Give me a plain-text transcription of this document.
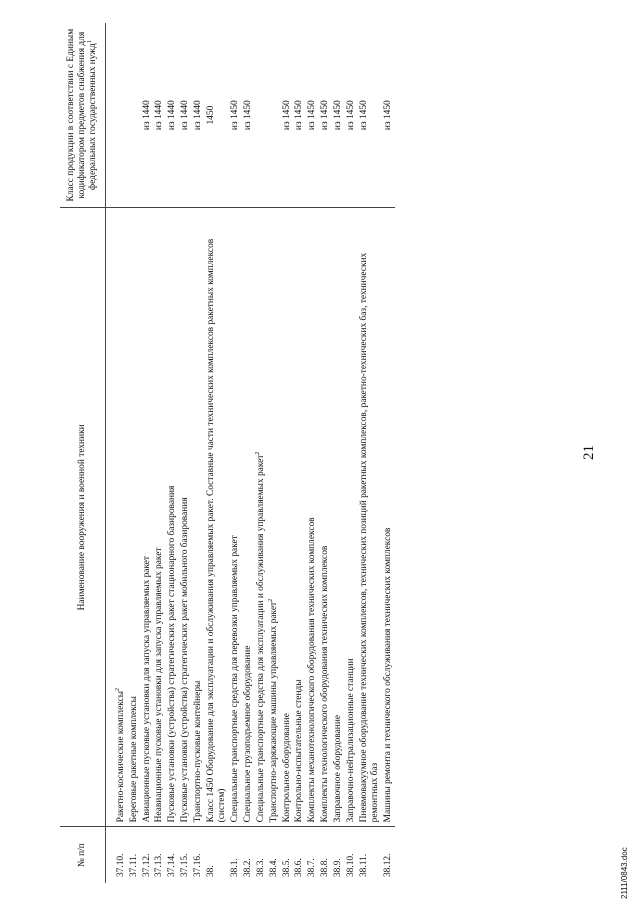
21
№ п/п	Наименование вооружения и военной техники	Класс продукции в соответствии с Единым кодификатором предметов снабжения для федеральных государственных нужд$^1$
37.10.	Ракетно-космические комплексы$^2$	
37.11.	Береговые ракетные комплексы	
37.12.	Авиационные пусковые установки для запуска управляемых ракет	из 1440
37.13.	Неавиационные пусковые установки для запуска управляемых ракет	из 1440
37.14.	Пусковые установки (устройства) стратегических ракет стационарного базирования	из 1440
37.15.	Пусковые установки (устройства) стратегических ракет мобильного базирования	из 1440
37.16.	Транспортно-пусковые контейнеры	из 1440
38.	Класс 1450 Оборудование для эксплуатации и обслуживания управляемых ракет. Составные части технических комплексов ракетных комплексов (систем)	1450
38.1.	Специальные транспортные средства для перевозки управляемых ракет	из 1450
38.2.	Специальное грузоподъемное оборудование	из 1450
38.3.	Специальные транспортные средства для эксплуатации и обслуживания управляемых ракет$^2$	
38.4.	Транспортно-заряжающие машины управляемых ракет$^2$	
38.5.	Контрольное оборудование	из 1450
38.6.	Контрольно-испытательные стенды	из 1450
38.7.	Комплекты механотехнологического оборудования технических комплексов	из 1450
38.8.	Комплекты технологического оборудования технических комплексов	из 1450
38.9.	Заправочное оборудование	из 1450
38.10.	Заправочно-нейтрализационные станции	из 1450
38.11.	Пневмовакуумное оборудование технических комплексов, технических позиций ракетных комплексов, ракетно-технических баз, технических ремонтных баз	из 1450
38.12.	Машины ремонта и технического обслуживания технических комплексов	из 1450
2111/0843.doc
